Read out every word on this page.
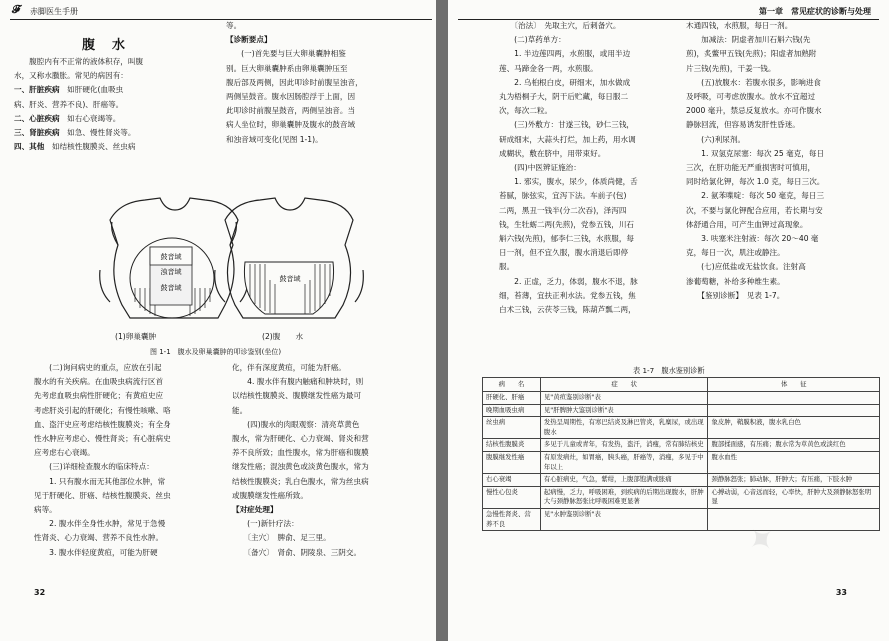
𝓕 赤脚医生手册
腹　水

　　腹腔内有不正常的液体积存，叫腹

水，又称水臌胀。常见的病因有：

一、肝脏疾病　如肝硬化(血吸虫

病、肝炎、营养不良)、肝癌等。

二、心脏疾病　如右心衰竭等。

三、肾脏疾病　如急、慢性肾炎等。

四、其他　如结核性腹膜炎、丝虫病

等。

【诊断要点】

　　(一)首先要与巨大卵巢囊肿相鉴

别。巨大卵巢囊肿系由卵巢囊肿压至

腹后部及两侧，因此叩诊时前腹呈浊音，

两侧呈鼓音。腹水因肠腔浮于上面，因

此叩诊时前腹呈鼓音，两侧呈浊音。当

病人坐位时，卵巢囊肿及腹水的鼓音域

和浊音域可变化(见图 1-1)。

鼓音域
浊音域
鼓音域
鼓音域
(1)卵巢囊肿	(2)腹　　水
图 1-1　腹水及卵巢囊肿的叩诊鉴别(坐位)

　　(二)询问病史的重点，应放在引起

腹水的有关疾病。在血吸虫病流行区首

先考虑血吸虫病性肝硬化；有黄疸史应

考虑肝炎引起的肝硬化；有慢性咳嗽、咯

血、盗汗史应考虑结核性腹膜炎；有全身

性水肿应考虑心、慢性肾炎；有心脏病史

应考虑右心衰竭。

　　(三)详细检查腹水的临床特点：

　　1. 只有腹水而无其他部位水肿，常

见于肝硬化、肝癌、结核性腹膜炎、丝虫

病等。

　　2. 腹水伴全身性水肿，常见于急慢

性肾炎、心力衰竭、营养不良性水肿。

　　3. 腹水伴轻度黄疸，可能为肝硬

化，伴有深度黄疸，可能为肝癌。

　　4. 腹水伴有腹内触痛和肿块时，则

以结核性腹膜炎、腹膜继发性癌为最可

能。

　　(四)腹水的肉眼观察：清亮草黄色

腹水，常为肝硬化、心力衰竭、肾炎和营

养不良所致；血性腹水，常为肝癌和腹膜

继发性癌；混浊黄色或淡黄色腹水，常为

结核性腹膜炎；乳白色腹水，常为丝虫病

或腹膜继发性癌所致。

【对症处理】

　　(一)新针疗法：

　　〔主穴〕　脾俞、足三里。

　　〔备穴〕　肾俞、阴陵泉、三阴交。

32
第一章　常见症状的诊断与处理

　　〔治法〕　先取主穴，后刺备穴。

　　(二)草药单方：

　　1. 半边莲四两，水煎服，或用半边

莲、马蹄金各一两，水煎服。

　　2. 乌桕根白皮，研细末，加水做成

丸为梧桐子大，阴干后贮藏，每日服二

次，每次二粒。

　　(三)外敷方：甘遂三钱，砂仁三钱，

研成细末，大蒜头打烂，加上药，用水调

成糊状，敷在脐中，用带束好。

　　(四)中医辨证施治：

　　1. 邪实，腹水，尿少，体质尚健，舌

苔腻，脉弦实，宜泻下法。车前子(包)

二两，黑丑一钱半(分二次吞)，泽泻四

钱，生牡蛎二两(先煎)，党参五钱，川石

斛六钱(先煎)，郁李仁三钱，水煎服，每

日一剂，但不宜久服，腹水消退后即停

服。

　　2. 正虚，乏力，体弱，腹水不退，脉

细，苔薄，宜扶正利水法。党参五钱，焦

白术三钱，云茯苓三钱，陈葫芦瓢二两，

木通四钱，水煎服，每日一剂。

　　加减法：阴虚者加川石斛六钱(先

煎)，炙鳖甲五钱(先煎)；阳虚者加熟附

片三钱(先煎)，干姜一钱。

　　(五)放腹水：若腹水很多，影响进食

及呼吸，可考虑放腹水。放水不宜超过

2000 毫升，禁忌反复放水。亦可作腹水

静脉回流，但容易诱发肝性昏迷。

　　(六)利尿剂。

　　1. 双氢克尿塞：每次 25 毫克，每日

三次，在肝功能无严重损害时可慎用，

同时给氯化钾，每次 1.0 克，每日三次。

　　2. 氨苯喋啶：每次 50 毫克，每日三

次，不要与氯化钾配合应用，若长期与安

体舒通合用，可产生血钾过高现象。

　　3. 呋塞米注射液：每次 20～40 毫

克，每日一次，肌注或静注。

　　(七)应低盐或无盐饮食。注射高

渗葡萄糖，补给多种维生素。

　　【鉴别诊断】　见表 1-7。

表 1-7　腹水鉴别诊断
病　　名	症　　状	体　　征
肝硬化、肝癌	见"黄疸鉴别诊断"表	
晚期血吸虫病	见"肝脾肿大鉴别诊断"表	
丝虫病	发热呈周期性，有寒巴结炎及淋巴管炎，乳糜尿，或出现腹水	象皮肿，鞘膜积液，腹水乳白色
结核性腹膜炎	多见于儿童或青年，有发热，盗汗，消瘦，常有肺结核史	腹部揉面感，有压痛；腹水常为草黄色或淡红色
腹膜继发性癌	有原发病灶，如胃癌，胰头癌，肝癌等，消瘦，多见于中年以上	腹水血性
右心衰竭	有心脏病史，气急，紫绀，上腹部饱满或胀痛	颈静脉怒张；肺动脉，肝肿大；有压痛，下肢水肿
慢性心包炎	起病慢，乏力，呼吸困难，到疾病的后期出现腹水，肝肿大与颈静脉怒张比呼吸困难更显著	心搏动弱，心音远而轻，心率快，肝肿大及颈静脉怒张明显
急慢性肾炎、营养不良	见"水肿鉴别诊断"表	
✦
33
